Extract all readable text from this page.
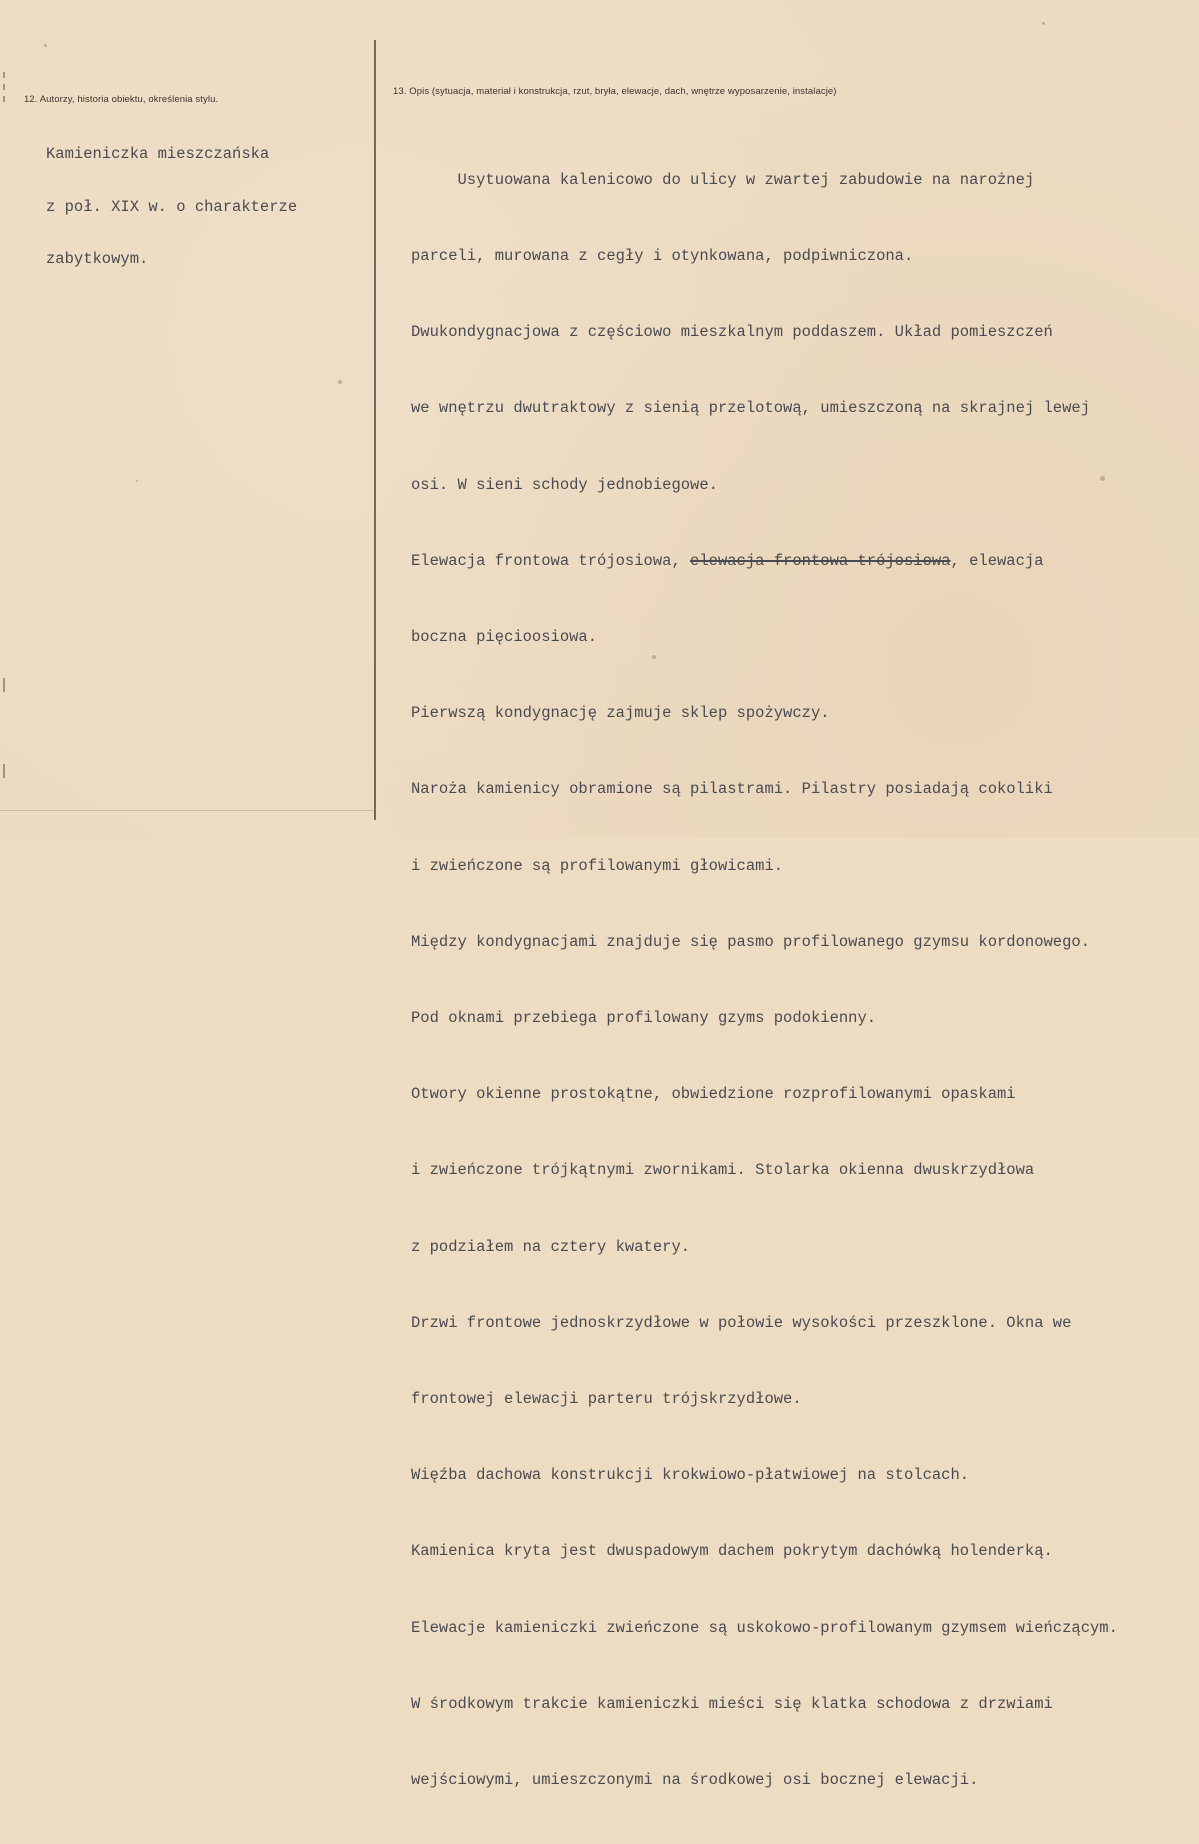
12. Autorzy, historia obiektu, określenia stylu.

Kamieniczka mieszczańska

z poł. XIX w. o charakterze

zabytkowym.

13. Opis (sytuacja, materiał i konstrukcja, rzut, bryła, elewacje, dach, wnętrze wyposarzenie, instalacje)

Usytuowana kalenicowo do ulicy w zwartej zabudowie na narożnej

parceli, murowana z cegły i otynkowana, podpiwniczona.

Dwukondygnacjowa z częściowo mieszkalnym poddaszem. Układ pomieszczeń

we wnętrzu dwutraktowy z sienią przelotową, umieszczoną na skrajnej lewej

osi. W sieni schody jednobiegowe.

Elewacja frontowa trójosiowa, elewacja frontowa trójosiowa, elewacja

boczna pięcioosiowa.

Pierwszą kondygnację zajmuje sklep spożywczy.

Naroża kamienicy obramione są pilastrami. Pilastry posiadają cokoliki

i zwieńczone są profilowanymi głowicami.

Między kondygnacjami znajduje się pasmo profilowanego gzymsu kordonowego.

Pod oknami przebiega profilowany gzyms podokienny.

Otwory okienne prostokątne, obwiedzione rozprofilowanymi opaskami

i zwieńczone trójkątnymi zwornikami. Stolarka okienna dwuskrzydłowa

z podziałem na cztery kwatery.

Drzwi frontowe jednoskrzydłowe w połowie wysokości przeszklone. Okna we

frontowej elewacji parteru trójskrzydłowe.

Więźba dachowa konstrukcji krokwiowo-płatwiowej na stolcach.

Kamienica kryta jest dwuspadowym dachem pokrytym dachówką holenderką.

Elewacje kamieniczki zwieńczone są uskokowo-profilowanym gzymsem wieńczącym.

W środkowym trakcie kamieniczki mieści się klatka schodowa z drzwiami

wejściowymi, umieszczonymi na środkowej osi bocznej elewacji.
